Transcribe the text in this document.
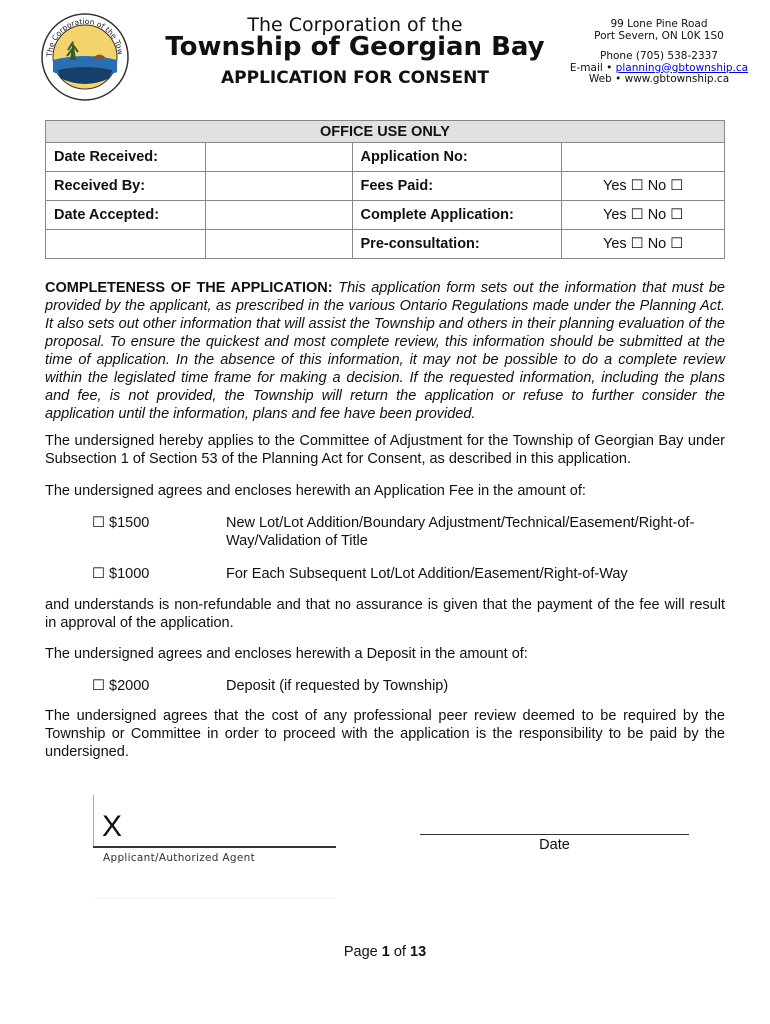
The Corporation of the Tow
The Corporation of the
Township of Georgian Bay
APPLICATION FOR CONSENT
99 Lone Pine Road
Port Severn, ON L0K 1S0
Phone (705) 538-2337
E-mail • planning@gbtownship.ca
Web • www.gbtownship.ca
OFFICE USE ONLY			
Date Received:		Application No:	
Received By:		Fees Paid:	Yes ☐ No ☐
Date Accepted:		Complete Application:	Yes ☐ No ☐
		Pre-consultation:	Yes ☐ No ☐
COMPLETENESS OF THE APPLICATION: This application form sets out the information that must be provided by the applicant, as prescribed in the various Ontario Regulations made under the Planning Act. It also sets out other information that will assist the Township and others in their planning evaluation of the proposal. To ensure the quickest and most complete review, this information should be submitted at the time of application. In the absence of this information, it may not be possible to do a complete review within the legislated time frame for making a decision. If the requested information, including the plans and fee, is not provided, the Township will return the application or refuse to further consider the application until the information, plans and fee have been provided.
The undersigned hereby applies to the Committee of Adjustment for the Township of Georgian Bay under Subsection 1 of Section 53 of the Planning Act for Consent, as described in this application.
The undersigned agrees and encloses herewith an Application Fee in the amount of:
☐ $1500	New Lot/Lot Addition/Boundary Adjustment/Technical/Easement/Right-of-Way/Validation of Title
☐ $1000	For Each Subsequent Lot/Lot Addition/Easement/Right-of-Way
and understands is non-refundable and that no assurance is given that the payment of the fee will result in approval of the application.
The undersigned agrees and encloses herewith a Deposit in the amount of:
☐ $2000	Deposit (if requested by Township)
The undersigned agrees that the cost of any professional peer review deemed to be required by the Township or Committee in order to proceed with the application is the responsibility to be paid by the undersigned.
X
Applicant/Authorized Agent
Date
Page 1 of 13
